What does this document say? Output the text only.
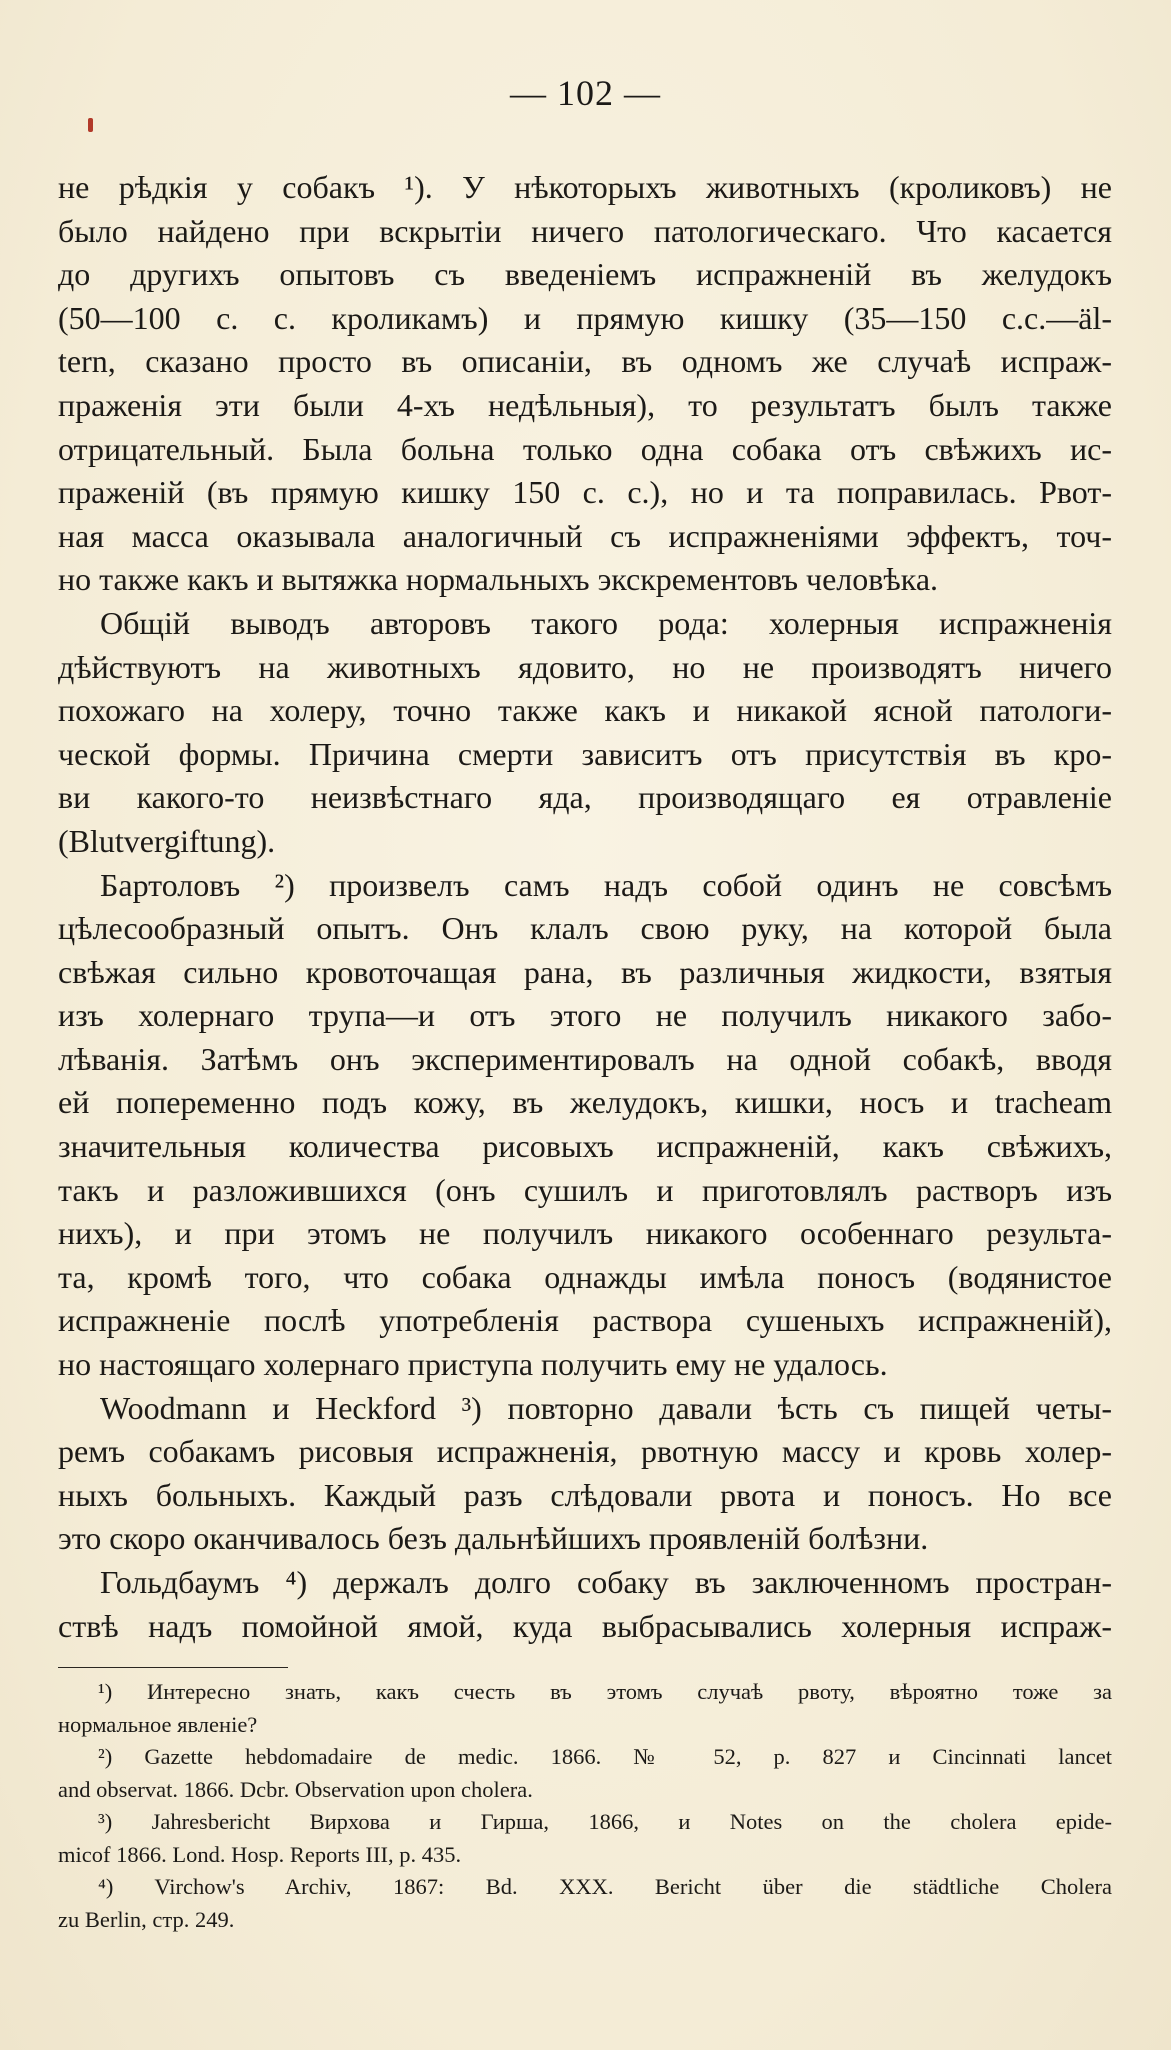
— 102 —
не рѣдкія у собакъ ¹). У нѣкоторыхъ животныхъ (кроликовъ) не
было найдено при вскрытіи ничего патологическаго. Что касается
до другихъ опытовъ съ введеніемъ испражненій въ желудокъ
(50—100 с. с. кроликамъ) и прямую кишку (35—150 с.с.—äl-
tern, сказано просто въ описаніи, въ одномъ же случаѣ испраж-
праженія эти были 4-хъ недѣльныя), то результатъ былъ также
отрицательный. Была больна только одна собака отъ свѣжихъ ис-
праженій (въ прямую кишку 150 с. с.), но и та поправилась. Рвот-
ная масса оказывала аналогичный съ испражненіями эффектъ, точ-
но также какъ и вытяжка нормальныхъ экскрементовъ человѣка.
Общій выводъ авторовъ такого рода: холерныя испражненія
дѣйствуютъ на животныхъ ядовито, но не производятъ ничего
похожаго на холеру, точно также какъ и никакой ясной патологи-
ческой формы. Причина смерти зависитъ отъ присутствія въ кро-
ви какого-то неизвѣстнаго яда, производящаго ея отравленіе
(Blutvergiftung).
Бартоловъ ²) произвелъ самъ надъ собой одинъ не совсѣмъ
цѣлесообразный опытъ. Онъ клалъ свою руку, на которой была
свѣжая сильно кровоточащая рана, въ различныя жидкости, взятыя
изъ холернаго трупа—и отъ этого не получилъ никакого забо-
лѣванія. Затѣмъ онъ экспериментировалъ на одной собакѣ, вводя
ей попеременно подъ кожу, въ желудокъ, кишки, носъ и tracheam
значительныя количества рисовыхъ испражненій, какъ свѣжихъ,
такъ и разложившихся (онъ сушилъ и приготовлялъ растворъ изъ
нихъ), и при этомъ не получилъ никакого особеннаго результа-
та, кромѣ того, что собака однажды имѣла поносъ (водянистое
испражненіе послѣ употребленія раствора сушеныхъ испражненій),
но настоящаго холернаго приступа получить ему не удалось.
Woodmann и Heckford ³) повторно давали ѣсть съ пищей четы-
ремъ собакамъ рисовыя испражненія, рвотную массу и кровь холер-
ныхъ больныхъ. Каждый разъ слѣдовали рвота и поносъ. Но все
это скоро оканчивалось безъ дальнѣйшихъ проявленій болѣзни.
Гольдбаумъ ⁴) держалъ долго собаку въ заключенномъ простран-
ствѣ надъ помойной ямой, куда выбрасывались холерныя испраж-
¹) Интересно знать, какъ счесть въ этомъ случаѣ рвоту, вѣроятно тоже за
нормальное явленіе?
²) Gazette hebdomadaire de medic. 1866. № 52, p. 827 и Cincinnati lancet
and observat. 1866. Dcbr. Observation upon cholera.
³) Jahresbericht Вирхова и Гирша, 1866, и Notes on the cholera epide-
micof 1866. Lond. Hosp. Reports III, p. 435.
⁴) Virchow's Archiv, 1867: Bd. XXX. Bericht über die städtliche Cholera
zu Berlin, стр. 249.
